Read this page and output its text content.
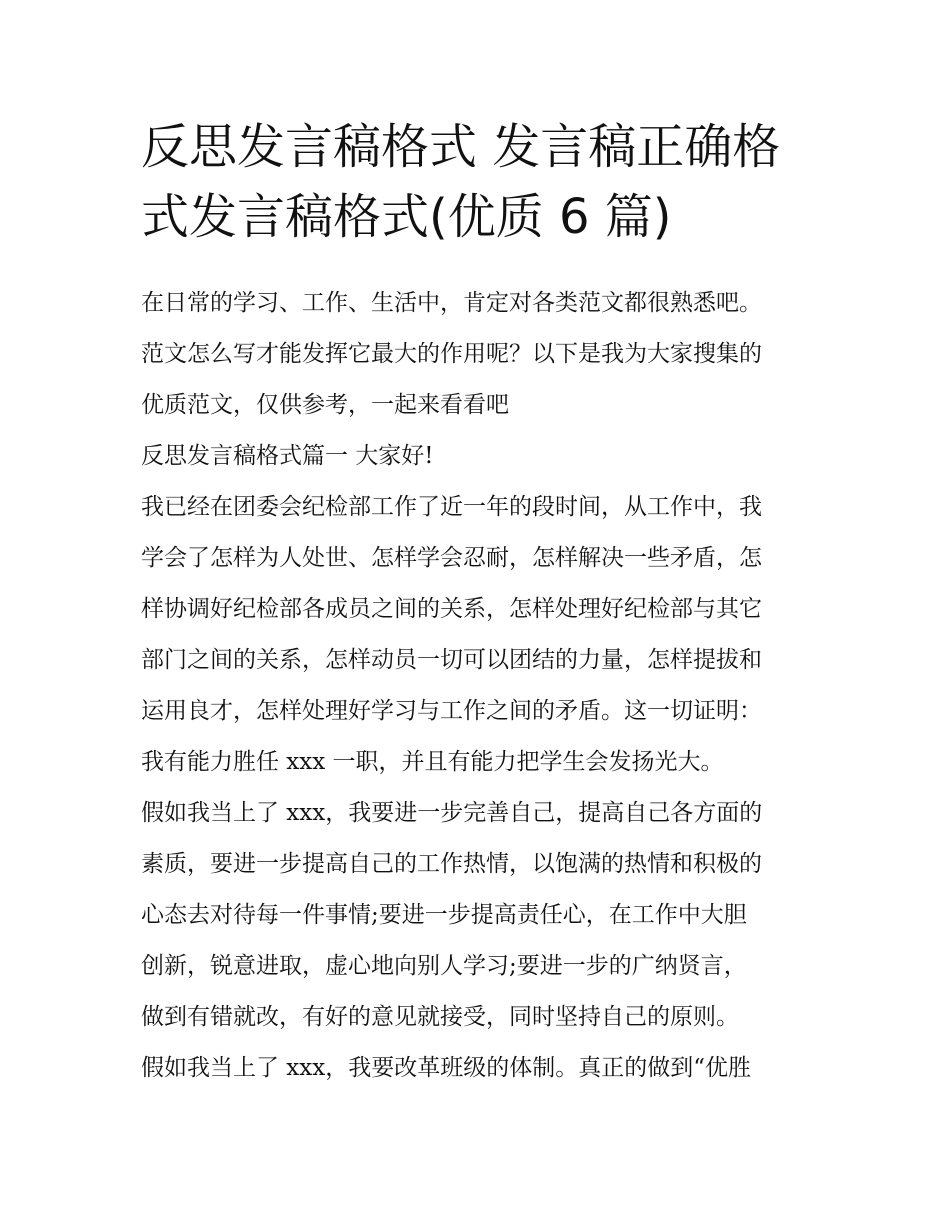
反思发言稿格式 发言稿正确格
式发言稿格式(优质 6 篇)

在日常的学习、工作、生活中，肯定对各类范文都很熟悉吧。

范文怎么写才能发挥它最大的作用呢？以下是我为大家搜集的

优质范文，仅供参考，一起来看看吧

反思发言稿格式篇一 大家好!

我已经在团委会纪检部工作了近一年的段时间，从工作中，我

学会了怎样为人处世、怎样学会忍耐，怎样解决一些矛盾，怎

样协调好纪检部各成员之间的关系，怎样处理好纪检部与其它

部门之间的关系，怎样动员一切可以团结的力量，怎样提拔和

运用良才，怎样处理好学习与工作之间的矛盾。这一切证明：

我有能力胜任 xxx 一职，并且有能力把学生会发扬光大。

假如我当上了 xxx，我要进一步完善自己，提高自己各方面的

素质，要进一步提高自己的工作热情，以饱满的热情和积极的

心态去对待每一件事情;要进一步提高责任心，在工作中大胆

创新，锐意进取，虚心地向别人学习;要进一步的广纳贤言，

做到有错就改，有好的意见就接受，同时坚持自己的原则。

假如我当上了 xxx，我要改革班级的体制。真正的做到“优胜
